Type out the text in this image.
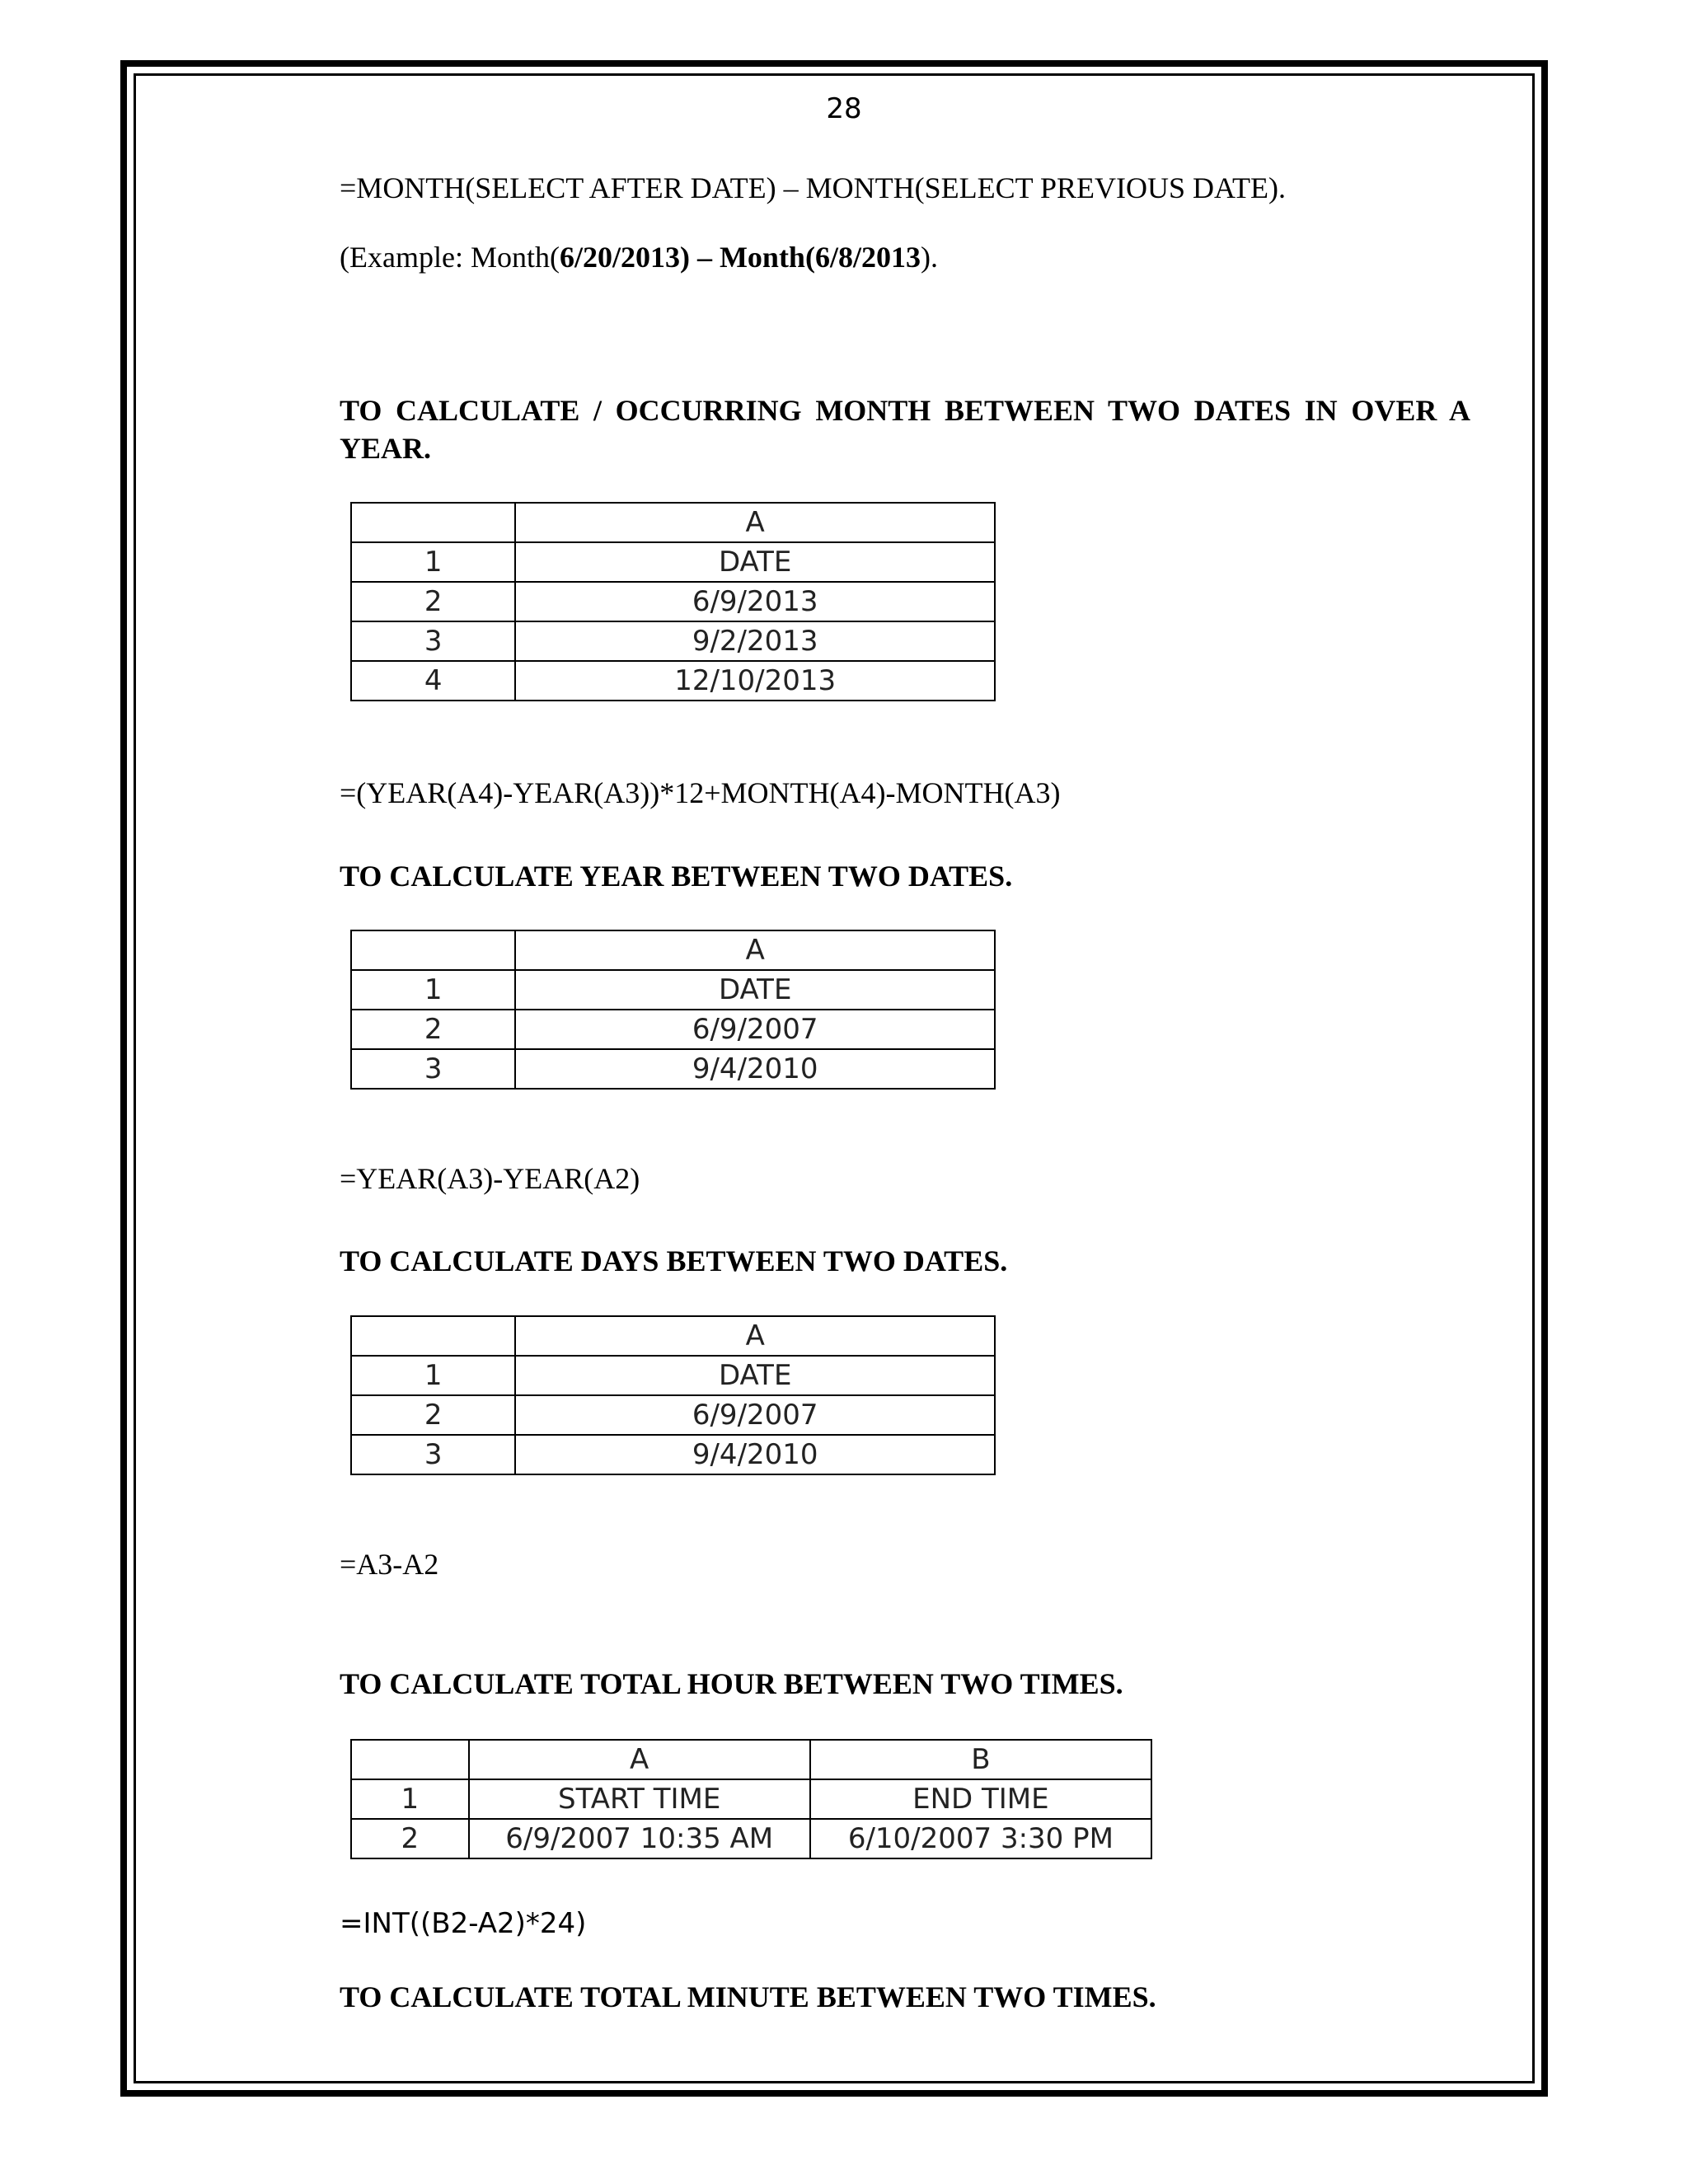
28

=MONTH(SELECT AFTER DATE) – MONTH(SELECT PREVIOUS DATE).

(Example: Month(6/20/2013) – Month(6/8/2013).

TO CALCULATE / OCCURRING MONTH BETWEEN TWO DATES IN OVER A YEAR.

	A
1	DATE
2	6/9/2013
3	9/2/2013
4	12/10/2013

=(YEAR(A4)-YEAR(A3))*12+MONTH(A4)-MONTH(A3)

TO CALCULATE YEAR BETWEEN TWO DATES.

	A
1	DATE
2	6/9/2007
3	9/4/2010

=YEAR(A3)-YEAR(A2)

TO CALCULATE DAYS BETWEEN TWO DATES.

	A
1	DATE
2	6/9/2007
3	9/4/2010

=A3-A2

TO CALCULATE TOTAL HOUR BETWEEN TWO TIMES.

	A	B
1	START TIME	END TIME
2	6/9/2007 10:35 AM	6/10/2007 3:30 PM

=INT((B2-A2)*24)

TO CALCULATE TOTAL MINUTE BETWEEN TWO TIMES.
